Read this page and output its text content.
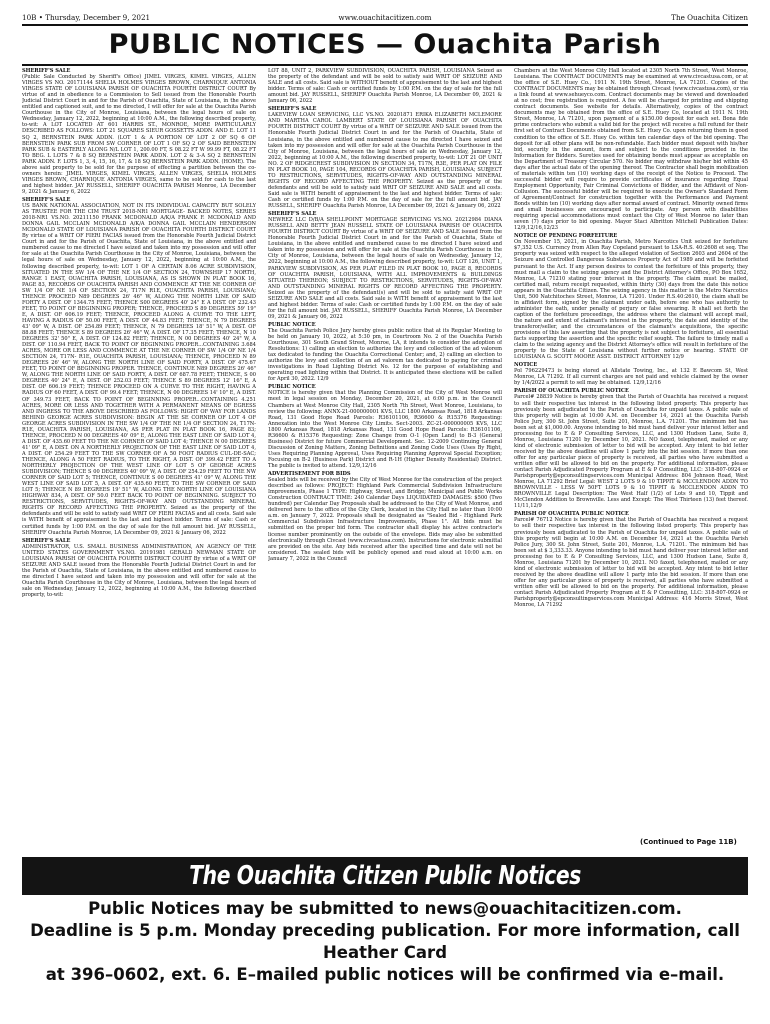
10B • Thursday, December 9, 2021	www.ouachitacitizen.com	The Ouachita Citizen
PUBLIC NOTICES — Ouachita Parish

SHERIFF'S SALE

(Public Sale Conducted by Sheriff's Office) JIMEL VIRGES, KIMEL VIRGES, ALLEN VIRGES VS NO. 20171144 SHELIA HOLMES VIRGES BROWN, CHARNIQUE ANTONIA VIRGES STATE OF LOUISIANA PARISH OF OUACHITA FOURTH DISTRICT COURT By virtue of and in obedience to a Commission to Sell issued from the Honorable Fourth Judicial District Court in and for the Parish of Ouachita, State of Louisiana, in the above entitled and captioned suit, and to me directed, I will offer for sale at the Ouachita Parish Courthouse in the City of Monroe, Louisiana, between the legal hours of sale on Wednesday, January 12, 2022, beginning at 10:00 A.M., the following described property, to-wit: A LOT LOCATED AT 601 HARRIS ST., MONROE, MORE PARTICULARLY DESCRIBED AS FOLLOWS: LOT 21 SQUARES SIEUR GOSSETTS ADDN. AND E. LOT 11 SQ 2, BERNSTEIN PARK ADDN. (LOT 1 & A PORTION OF LOT 2 OF SQ 6 OF BERNSTEIN PARK SUB FROM SW CORNER OF LOT 1 OF SQ 2 OF SAID BERNSTEIN PARK SUB & EASTERLY ALONG N/L LOT 1, 200.00 FT, S 08.22 FT W 99.99 FT, 08.22 FT TO BEG. L LOTS 7 & 8 SQ BERNSTEIN PARK ADDN. LOT 2 & 3-A SQ 2 BERNSTEIN PARK ADDN. F. LOTS 1, 3, 4, 15, 16, 17, & 18 SQ BERNSTEIN PARK ADDN. (HOME). The above said property to be sold for the purpose of effecting a partition between the co-owners herein: JIMEL VIRGES, KIMEL VIRGES, ALLEN VIRGES, SHELIA HOLMES VIRGES BROWN, CHARNIQUE ANTONIA VIRGES, same to be sold for cash to the last and highest bidder. JAY RUSSELL, SHERIFF OUACHITA PARISH Monroe, LA December 9, 2021 & January 6, 2022

SHERIFF'S SALE

US BANK NATIONAL ASSOCIATION, NOT IN ITS INDIVIDUAL CAPACITY BUT SOLELY AS TRUSTEE FOR THE CIM TRUST 2018-NR1 MORTGAGE- BACKED NOTES, SERIES 2018-NR1 VS.NO. 20211150 FRANK MCDONALD A/K/A FRANK F. MCDONALD AND DONNA GAIL MCCLAIN MCDONALD A/K/A DONNA GAIL MCCLAIN HENDERSON MCDONALD STATE OF LOUISIANA PARISH OF OUACHITA FOURTH DISTRICT COURT By virtue of a WRIT OF FIERI FACIAS issued from the Honorable Fourth Judicial District Court in and for the Parish of Ouachita, State of Louisiana, in the above entitled and numbered cause to me directed I have seized and taken into my possession and will offer for sale at the Ouachita Parish Courthouse in the City of Monroe, Louisiana, between the legal hours of sale on Wednesday, January 12, 2022, beginning at 10:00 A.M., the following described property, to-wit: LOT 1 OF A CERTAIN 8.06 ACRE SUBDIVISION, SITUATED IN THE SW 1/4 OF THE NE 1/4 OF SECTION 24, TOWNSHIP 17 NORTH, RANGE 1 EAST, OUACHITA PARISH, LOUISIANA, AS IS SHOWN IN PLAT BOOK 16, PAGE 83, RECORDS OF OUACHITA PARISH AND COMMENCE AT THE NE CORNER OF SW 1/4 OF NE 1/4 OF SECTION 24, T17N R1E, OUACHITA PARISH, LOUISIANA; THENCE PROCEED N89 DEGREES 26' 46" W, ALONG THE NORTH LINE OF SAID FORTY A DIST. OF 1344.75 FEET; THENCE S00 DEGREES 40' 24" E A DIST. OF 232.43 FEET, TO POINT OF BEGINNING PROPER; THENCE, PROCEED S 89 DEGREES 59' 19" E, A DIST. OF 606.19 FEET; THENCE, PROCEED ALONG A CURVE TO THE LEFT, HAVING A RADIUS OF 50.00 FEET, A DIST. OF 44.83 FEET; THENCE, N 79 DEGREES 43' 09" W, A DIST. OF 254.89 FEET; THENCE, N 79 DEGREES 18' 51" W, A DIST. OF 88.88 FEET; THENCE S 89 DEGREES 26' 46" W, A DIST. OF 17.35 FEET; THENCE, N 10 DEGREES 32' 50" E, A DIST. OF 124.82 FEET; THENCE, N 00 DEGREES 40' 24" W, A DIST. OF 110.94 FEET, BACK TO POINT OF BEGINNING PROPER...CONTAINING 3.684 ACRES, MORE OR LESS AND COMMENCE AT THE NE CORNER OF SW 1/4 OF NE 1/4 SECTION 24, T17N- R1E, OUACHITA PARISH, LOUISIANA; THENCE, PROCEED N 89 DEGREES 26' 46" W, ALONG THE NORTH LINE OF SAID FORTY, A DIST. OF 475.67 FEET, TO POINT OF BEGINNING PROPER. THENCE, CONTINUE N89 DEGREES 26' 46" W, ALONG THE NORTH LINE OF SAID FORTY, A DIST. OF 687.78 FEET; THENCE, S 00 DEGREES 40' 24" E, A DIST. OF 252.03 FEET; THENCE S 89 DEGREES 12' 16" E, A DIST. OF 606.19 FEET; THENCE PROCEED ON A CURVE TO THE RIGHT, HAVING A RADIUS OF 60 FEET, A DIST. OF 99.4 FEET; THENCE, N 00 DEGREES 14' 10" E, A DIST. OF 349.73 FEET, BACK TO POINT OF BEGINNING PROPER...CONTAINING 4.251 ACRES, MORE OR LESS AND TOGETHER WITH A PERMANENT MEANS OF EGRESS AND INGRESS TO THE ABOVE DESCRIBED AS FOLLOWS: RIGHT OF WAY FOR LANDS BEHIND GEORGE ACRES SUBDIVISION: BEGIN AT THE SE CORNER OF LOT 4 OF GEORGE ACRES SUBDIVISION IN THE SW 1/4 OF THE NE 1/4 OF SECTION 24, T17N- R1E, OUACHITA PARISH, LOUISIANA, AS PER PLAT IN PLAT BOOK 16, PAGE 83; THENCE, PROCEED N 00 DEGREES 40' 09" E, ALONG THE EAST LINE OF SAID LOT 4, A DIST. OF 435.60 FEET TO THE NE CORNER OF SAID LOT 4; THENCE N 00 DEGREES 41' 09" E, A DIST. ON A NORTHERLY PROJECTION OF THE EAST LINE OF SAID LOT 4, A DIST. OF 254.29 FEET TO THE SW CORNER OF A 50 FOOT RADIUS CUL-DE-SAC; THENCE, ALONG A 50 FEET RADIUS, TO THE RIGHT, A DIST. OF 399.42 FEET TO A NORTHERLY PROJECTION OF THE WEST LINE OF LOT 5 OF GEORGE ACRES SUBDIVISION; THENCE S 00 DEGREES 40' 09" W, A DIST. OF 254.29 FEET TO THE NW CORNER OF SAID LOT 5; THENCE, CONTINUE S 00 DEGREES 41' 09" W, ALONG THE WEST LINE OF SAID LOT 5, A DIST. OF 435.60 FEET, TO THE SW CORNER OF SAID LOT 5; THENCE N 89 DEGREES 19' 51" W, ALONG THE NORTH LINE OF LOUISIANA HIGHWAY 834, A DIST. OF 50.0 FEET BACK TO POINT OF BEGINNING. SUBJECT TO RESTRICTIONS, SERVITUDES, RIGHTS-OF-WAY AND OUTSTANDING MINERAL RIGHTS OF RECORD AFFECTING THE PROPERTY. Seized as the property of the defendants and will be sold to satisfy said WRIT OF FIERI FACIAS and all costs. Said sale is WITH benefit of appraisement to the last and highest bidder. Terms of sale: Cash or certified funds by 1:00 P.M. on the day of sale for the full amount bid. JAY RUSSELL, SHERIFF Ouachita Parish Monroe, LA December 09, 2021 & January 06, 2022

SHERIFF'S SALE

ADMINISTRATOR, U.S. SMALL BUSINESS ADMINISTRATION, AN AGENCY OF THE UNITED STATES GOVERNMENT VS.NO. 20191981 GERALD NEWMAN STATE OF LOUISIANA PARISH OF OUACHITA FOURTH DISTRICT COURT By virtue of a WRIT OF SEIZURE AND SALE issued from the Honorable Fourth Judicial District Court in and for the Parish of Ouachita, State of Louisiana, in the above entitled and numbered cause to me directed I have seized and taken into my possession and will offer for sale at the Ouachita Parish Courthouse in the City of Monroe, Louisiana, between the legal hours of sale on Wednesday, January 12, 2022, beginning at 10:00 A.M., the following described property, to-wit:

LOT 88, UNIT 2, PARKVIEW SUBDIVISION, OUACHITA PARISH, LOUISIANA Seized as the property of the defendant and will be sold to satisfy said WRIT OF SEIZURE AND SALE and all costs. Said sale is WITHOUT benefit of appraisement to the last and highest bidder. Terms of sale: Cash or certified funds by 1:00 P.M. on the day of sale for the full amount bid. JAY RUSSELL, SHERIFF Ouachita Parish Monroe, LA December 09, 2021 & January 06, 2022

SHERIFF'S SALE

LAKEVIEW LOAN SERVICING, LLC VS.NO. 20201871 ERIKA ELIZABETH MCLEMORE AND MARTHA CAROL LAMBERT STATE OF LOUISIANA PARISH OF OUACHITA FOURTH DISTRICT COURT By virtue of a WRIT OF SEIZURE AND SALE issued from the Honorable Fourth Judicial District Court in and for the Parish of Ouachita, State of Louisiana, in the above entitled and numbered cause to me directed I have seized and taken into my possession and will offer for sale at the Ouachita Parish Courthouse in the City of Monroe, Louisiana, between the legal hours of sale on Wednesday, January 12, 2022, beginning at 10:00 A.M., the following described property, to-wit: LOT 21 OF UNIT NO. 2 OF RIDGECREST SUBDIVISION IN SECTION 34, T17N, R3E, PER PLAT ON FILE IN PLAT BOOK 10, PAGE 104, RECORDS OF OUACHITA PARISH, LOUISIANA; SUBJECT TO RESTRICTIONS, SERVITUDES, RIGHTS-OF-WAY AND OUTSTANDING MINERAL RIGHTS OF RECORD AFFECTING THE PROPERTY. Seized as the property of the defendants and will be sold to satisfy said WRIT OF SEIZURE AND SALE and all costs. Said sale is WITH benefit of appraisement to the last and highest bidder. Terms of sale: Cash or certified funds by 1:00 P.M. on the day of sale for the full amount bid. JAY RUSSELL, SHERIFF Ouachita Parish Monroe, LA December 09, 2021 & January 06, 2022

SHERIFF'S SALE

NEWREZ LLC D/B/A SHELLPOINT MORTGAGE SERVICING VS.NO. 20212984 DIANA RUSSELL AND BETTY JEAN RUSSELL STATE OF LOUISIANA PARISH OF OUACHITA FOURTH DISTRICT COURT By virtue of a WRIT OF SEIZURE AND SALE issued from the Honorable Fourth Judicial District Court in and for the Parish of Ouachita, State of Louisiana, in the above entitled and numbered cause to me directed I have seized and taken into my possession and will offer for sale at the Ouachita Parish Courthouse in the City of Monroe, Louisiana, between the legal hours of sale on Wednesday, January 12, 2022, beginning at 10:00 A.M., the following described property, to-wit: LOT 126, UNIT 1, PARKVIEW SUBDIVISION, AS PER PLAT FILED IN PLAT BOOK 10, PAGE 8, RECORDS OF OUACHITA PARISH, LOUISIANA, WITH ALL IMPROVEMENTS & BUILDINGS SITUATED THEREON; SUBJECT TO RESTRICTIONS, SERVITUDES, RIGHTS-OF-WAY AND OUTSTANDING MINERAL RIGHTS OF RECORD AFFECTING THE PROPERTY. Seized as the property of the defendant(s) and will be sold to satisfy said WRIT OF SEIZURE AND SALE and all costs. Said sale is WITH benefit of appraisement to the last and highest bidder. Terms of sale: Cash or certified funds by 1:00 P.M. on the day of sale for the full amount bid. JAY RUSSELL, SHERIFF Ouachita Parish Monroe, LA December 09, 2021 & January 06, 2022

PUBLIC NOTICE

The Ouachita Parish Police Jury hereby gives public notice that at its Regular Meeting to be held on January 10, 2022, at 5:30 pm, in Courtroom No. 2 of the Ouachita Parish Courthouse, 301 South Grand Street, Monroe, LA, it intends to consider the adoption of Resolutions: 1) calling an election to authorize the levy and collection of the ad valorem tax dedicated to funding the Ouachita Correctional Center; and, 2) calling an election to authorize the levy and collection of an ad valorem tax dedicated to paying for criminal investigations in Road Lighting District No. 12 for the purpose of establishing and operating road lighting within that District. It is anticipated these elections will be called for April 30, 2022. 12/9

PUBLIC NOTICE

NOTICE is hereby given that the Planning Commission of the City of West Monroe will meet in legal session on Monday, December 20, 2021, at 6:00 p.m. in the Council Chambers at West Monroe City Hall, 2305 North 7th Street, West Monroe, Louisiana, to review the following: ANNX-21-000000001 KVS, LLC 1800 Arkansas Road, 1818 Arkansas Road, 131 Good Hope Road Parcels: R36101106, R36600 & R15376 Requesting: Annexation into the West Monroe City Limits. Sect-2003. ZC-21-000000005 KVS, LLC 1800 Arkansas Road, 1818 Arkansas Road, 131 Good Hope Road Parcels: R36101106, R36600 & R15376 Requesting: Zone Change from O-1 (Open Land) to B-3 (General Business) District for future Commercial Development. Sec. 12-2009 Continuing General Discussion of Zoning Matters, Zoning Definitions and Zoning Code Uses (Uses By Right, Uses Requiring Planning Approval, Uses Requiring Planning Approval Special Exception; Focusing on B-2 (Business Park) District and R-1H (Higher Density Residential) District. The public is invited to attend. 12/9,12/16

ADVERTISEMENT FOR BIDS

Sealed bids will be received by the City of West Monroe for the construction of the project described as follows: PROJECT: Highland Park Commercial Subdivision Infrastructure Improvements, Phase 1 TYPE: Highway, Street, and Bridge; Municipal and Public Works Construction CONTRACT TIME: 240 Calendar Days LIQUIDATED DAMAGES: $500 (Two hundred) per Calendar Day Proposals shall be addressed to the City of West Monroe, and delivered here to the office of the City Clerk, located in the City Hall no later than 10:00 a.m. on January 7, 2022. Proposals shall be designated as "Sealed Bid - Highland Park Commercial Subdivision Infrastructure Improvements, Phase 1". All bids must be submitted on the proper bid form. The contractor shall display his active contractor's license number prominently on the outside of the envelope. Bids may also be submitted electronically through Civcast (www.civcastusa.com). Instructions for electronic submittal are provided on the site. Any bids received after the specified time and date will not be considered. The sealed bids will be publicly opened and read aloud at 10:00 a.m. on January 7, 2022 in the Council

Chambers at the West Monroe City Hall located at 2305 North 7th Street, West Monroe, Louisiana. The CONTRACT DOCUMENTS may be examined at www.civcastusa.com, or at the office of S.E. Huey Co., 1911 N. 19th Street, Monroe, LA 71201. Copies of the CONTRACT DOCUMENTS may be obtained through Civcast (www.civcastusa.com), or via a link found at www.sehueyco.com. Contract documents may be viewed and downloaded at no cost; free registration is required. A fee will be charged for printing and shipping contract documents. See website for details. Alternatively, copies of the contract documents may be obtained from the office of S.E. Huey Co, located at 1911 N. 19th Street, Monroe, LA 71201, upon payment of a $150.00 deposit for each set. Bona fide prime contractors who submit a valid bid for the project will receive a full refund for their first set of Contract Documents obtained from S.E. Huey Co. upon returning them in good condition to the office of S.E. Huey Co. within ten calendar days of the bid opening. The deposit for all other plans will be non-refundable. Each bidder must deposit with his/her bid, security in the amount, form and subject to the conditions provided in the Information for Bidders. Sureties used for obtaining bonds must appear as acceptable on the Department of Treasury Circular 570. No bidder may withdraw his/her bid within 45 days after the actual date of the opening thereof. The Contractor shall begin mobilization of materials within ten (10) working days of the receipt of the Notice to Proceed. The successful bidder will require to provide certificates of insurance regarding Equal Employment Opportunity, Fair Criminal Convictions of Bidder, and the Affidavit of Non-Collusion. The successful bidder will be required to execute the Owner's Standard Form of Agreement/Contract for construction together with the Performance and Payment Bonds within ten (10) working days after normal award of contract. Minority owned firms and small businesses are encouraged to participate. Any person with disabilities requiring special accommodations must contact the City of West Monroe no later than seven (7) days prior to bid opening. Mayor Staci Albritton Mitchell Publication Dates: 12/9,12/16,12/23

NOTICE OF PENDING FORFEITURE

On November 15, 2021, in Ouachita Parish, Metro Narcotics Unit seized for forfeiture $7,352 U.S. Currency from Allen Ray Copeland pursuant to LSA-R.S. 40:2608 et seq. The property was seized with respect to the alleged violation of Section 2603 and 2604 of the Seizure and Controlled Dangerous Substances Property Act of 1989 and will be forfeited pursuant to the Act. If any person desires to contest the forfeiture of this property, they must mail a claim to the seizing agency and the District Attorney's Office, PO Box 1652, Monroe, LA 71210 stating your interest in the property. The claim must be mailed, certified mail, return receipt requested, within thirty (30) days from the date this notice appears in the Ouachita Citizen. The seizing agency in this matter is the Metro Narcotics Unit, 500 Natchitoches Street, Monroe, LA 71201. Under R.S.40:2610, the claim shall be in affidavit form, signed by the claimant under oath, before one who has authority to administer the oath, under penalty of perjury or false swearing. It shall set forth the caption of the forfeiture proceedings, the address where the claimant will accept mail, the nature and extent of claimant's interest in the property, the date and identity of the transferor/seller, and the circumstances of the claimant's acquisitions, the specific provisions of this law asserting that the property is not subject to forfeiture, all essential facts supporting the assertion and the specific relief sought. The failure to timely mail a claim to the seizing agency and the District Attorney's office will result in forfeiture of the property to the State of Louisiana without further notice or hearing. STATE OF LOUISIANA G. SCOTT MOORE ASST. DISTRICT ATTORNEY 12/9

NOTICE

Pol 796229473 is being stored at Allstate Towing, Inc., at 132 E Bawcom St, West Monroe, LA 71292. If all current charges are not paid and vehicle claimed by the owner by 1/4/2022 a permit to sell may be obtained. 12/9,12/16

PARISH OF OUACHITA PUBLIC NOTICE

Parcel# 28839 Notice is hereby given that the Parish of Ouachita has received a request to sell their respective tax interest in the following listed property. This property has previously been adjudicated to the Parish of Ouachita for unpaid taxes. A public sale of this property will begin at 10:00 A.M. on December 14, 2021 at the Ouachita Parish Police Jury, 300 St. John Street, Suite 201, Monroe, L.A. 71201. The minimum bid has been set at $1,000.00. Anyone intending to bid must hand deliver your interest letter and processing fee to E & P Consulting Services, LLC, and 1300 Hudson Lane, Suite 8, Monroe, Louisiana 71201 by December 10, 2021. NO faxed, telephoned, mailed or any kind of electronic submission of letter to bid will be accepted. Any intent to bid letter received by the above deadline will allow 1 party into the bid session. If more than one offer for any particular piece of property is received, all parties who have submitted a written offer will be allowed to bid on the property. For additional information, please contact Parish Adjudicated Property Program at E & P Consulting, LLC: 318-807-0924 or Parishproperty@epconsultingservices.com Municipal Address: 804 Johnson Road, West Monroe, LA 71292 Brief Legal: WEST 2 LOTS 9 & 10 TIPPIT & MCCLENDON ADDN TO BROWNVILLE - LESS W 50FT LOTS 9 & 10 TIPPIT & MCCLENDON ADDN TO BROWNVILLE Legal Description: The West Half (1/2) of Lots 9 and 10, Tippit and McClendon Addition to Brownville. Less and Except: The West Thirteen (13) feet thereof. 11/11,12/9

PARISH OF OUACHITA PUBLIC NOTICE

Parcel# 76712 Notice is hereby given that the Parish of Ouachita has received a request to sell their respective tax interest in the following listed property. This property has previously been adjudicated to the Parish of Ouachita for unpaid taxes. A public sale of this property will begin at 10:00 A.M. on December 14, 2021 at the Ouachita Parish Police Jury, 300 St. John Street, Suite 201, Monroe, L.A. 71201. The minimum bid has been set at $ 3,333.33. Anyone intending to bid must hand deliver your interest letter and processing fee to E & P Consulting Services, LLC, and 1300 Hudson Lane, Suite 8, Monroe, Louisiana 71201 by December 10, 2021. NO faxed, telephoned, mailed or any kind of electronic submission of letter to bid will be accepted. Any intent to bid letter received by the above deadline will allow 1 party into the bid session. If more than one offer for any particular piece of property is received, all parties who have submitted a written offer will be allowed to bid on the property. For additional information, please contact Parish Adjudicated Property Program at E & P Consulting, LLC: 318-807-0924 or Parishproperty@epconsultingservices.com Municipal Address: 416 Morris Street, West Monroe, LA 71292

(Continued to Page 11B)
The Ouachita Citizen Public Notices
Public Notices may be submitted to news@ouachitacitizen.com.
Deadline is 5 p.m. Monday preceding publication. For more information, call Heather Card
at 396–0602, ext. 6. E–mailed public notices will be confirmed via e–mail.
